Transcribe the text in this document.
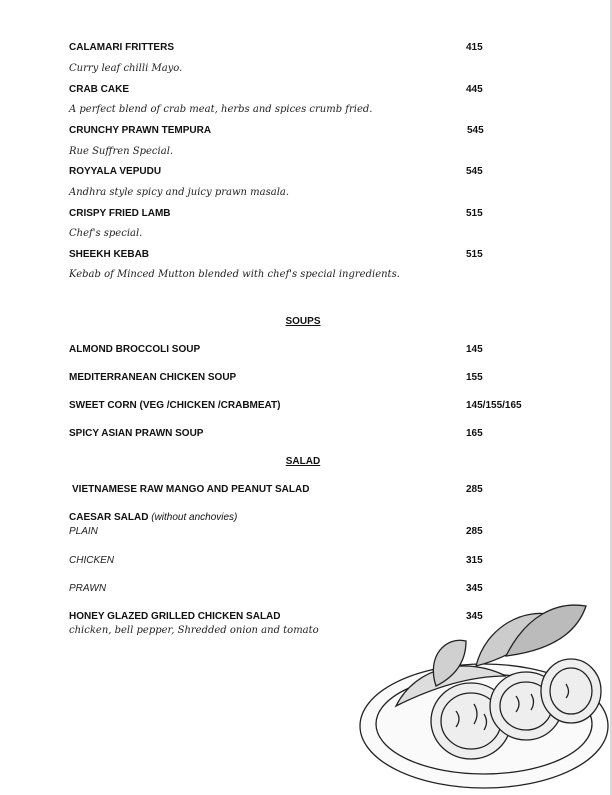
CALAMARI FRITTERS	415
Curry leaf chilli Mayo.
CRAB CAKE	445
A perfect blend of crab meat, herbs and spices crumb fried.
CRUNCHY PRAWN TEMPURA	545
Rue Suffren Special.
ROYYALA VEPUDU	545
Andhra style spicy and juicy prawn masala.
CRISPY FRIED LAMB	515
Chef's special.
SHEEKH KEBAB	515
Kebab of Minced Mutton blended with chef's special ingredients.
SOUPS
ALMOND BROCCOLI SOUP	145
MEDITERRANEAN CHICKEN SOUP	155
SWEET CORN (VEG /CHICKEN /CRABMEAT)	145/155/165
SPICY ASIAN PRAWN SOUP	165
SALAD
VIETNAMESE RAW MANGO AND PEANUT SALAD	285
CAESAR SALAD (without anchovies)
PLAIN	285
CHICKEN	315
PRAWN	345
HONEY GLAZED GRILLED CHICKEN SALAD	345
chicken, bell pepper, Shredded onion and tomato
